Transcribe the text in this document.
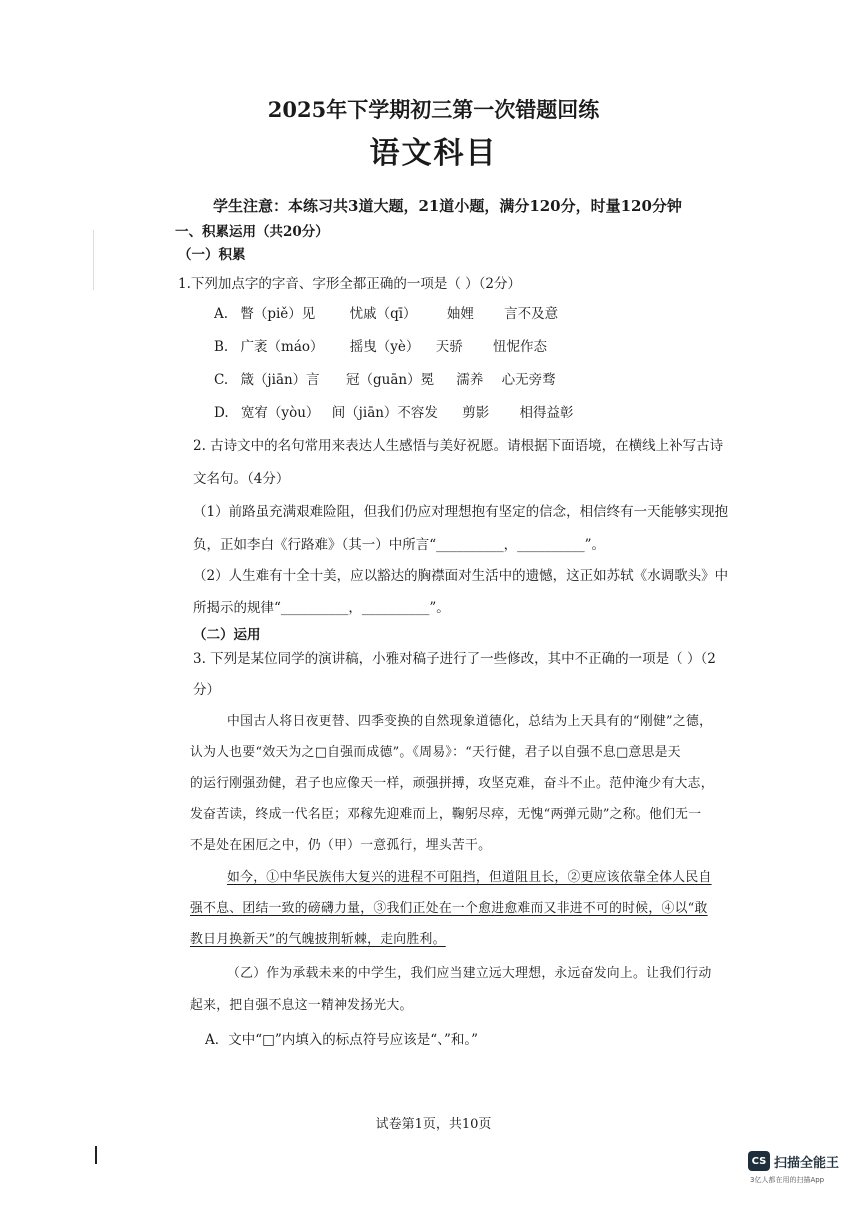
2025年下学期初三第一次错题回练
语文科目
学生注意：本练习共3道大题，21道小题，满分120分，时量120分钟
一、积累运用（共20分）
（一）积累
1.下列加点字的字音、字形全都正确的一项是（ ）（2分）
A. 瞥（piě）见	忧戚（qī） 妯娌 言不及意
B. 广袤（máo） 摇曳（yè） 天骄 忸怩作态
C. 箴（jiān）言 冠（guān）冕 濡养 心无旁骛
D. 宽宥（yòu） 间（jiān）不容发 剪影 相得益彰
2. 古诗文中的名句常用来表达人生感悟与美好祝愿。请根据下面语境，在横线上补写古诗
文名句。（4分）
（1）前路虽充满艰难险阻，但我们仍应对理想抱有坚定的信念，相信终有一天能够实现抱
负，正如李白《行路难》（其一）中所言“__________，__________”。
（2）人生难有十全十美，应以豁达的胸襟面对生活中的遗憾，这正如苏轼《水调歌头》中
所揭示的规律“__________，__________”。
（二）运用
3. 下列是某位同学的演讲稿，小雅对稿子进行了一些修改，其中不正确的一项是（ ）（2
分）
中国古人将日夜更替、四季变换的自然现象道德化，总结为上天具有的“刚健”之德，
认为人也要“效天为之□自强而成德”。《周易》：“天行健，君子以自强不息□意思是天
的运行刚强劲健，君子也应像天一样，顽强拼搏，攻坚克难，奋斗不止。范仲淹少有大志，
发奋苦读，终成一代名臣；邓稼先迎难而上，鞠躬尽瘁，无愧“两弹元勋”之称。他们无一
不是处在困厄之中，仍（甲）一意孤行，埋头苦干。
如今，①中华民族伟大复兴的进程不可阻挡，但道阻且长，②更应该依靠全体人民自
强不息、团结一致的磅礴力量，③我们正处在一个愈进愈难而又非进不可的时候，④以“敢
教日月换新天”的气魄披荆斩棘，走向胜利。
（乙）作为承载未来的中学生，我们应当建立远大理想，永远奋发向上。让我们行动
起来，把自强不息这一精神发扬光大。
A．文中“□”内填入的标点符号应该是“、”和。”
试卷第1页，共10页
CS 扫描全能王
3亿人都在用的扫描App
